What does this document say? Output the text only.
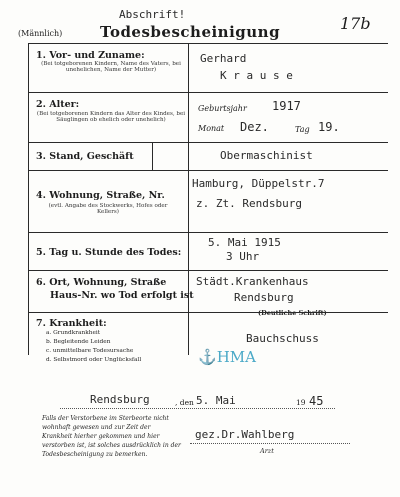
Abschrift!
(Männlich)	Todesbescheinigung	17b
1. Vor- und Zuname:
(Bei totgeborenen Kindern, Name des Vaters, bei unehelichen, Name der Mutter)
Gerhard
K r a u s e
2. Alter:
(Bei totgeborenen Kindern das Alter des Kindes, bei Säuglingen ob ehelich oder unehelich)
Geburtsjahr 1917
Monat Dez.	Tag 19.
3. Stand, Geschäft	Obermaschinist
4. Wohnung, Straße, Nr.
(evtl. Angabe des Stockwerks, Hofes oder Kellers)
Hamburg, Düppelstr.7
z. Zt. Rendsburg
5. Tag u. Stunde des Todes:
5. Mai 1915
3 Uhr
6. Ort, Wohnung, Straße
Haus-Nr. wo Tod erfolgt ist
Städt.Krankenhaus
Rendsburg
7. Krankheit:
a. Grundkrankheit
b. Begleitende Leiden
c. unmittelbare Todesursache
d. Selbstmord oder Unglücksfall
Bauchschuss
⚓HMA
Rendsburg	, den 5. Mai	19 45
Falls der Verstorbene im Sterbeorte nicht wohnhaft gewesen und zur Zeit der Krankheit hierher gekommen und hier verstorben ist, ist solches ausdrücklich in der Todesbescheinigung zu bemerken.
gez.Dr.Wahlberg
Arzt
